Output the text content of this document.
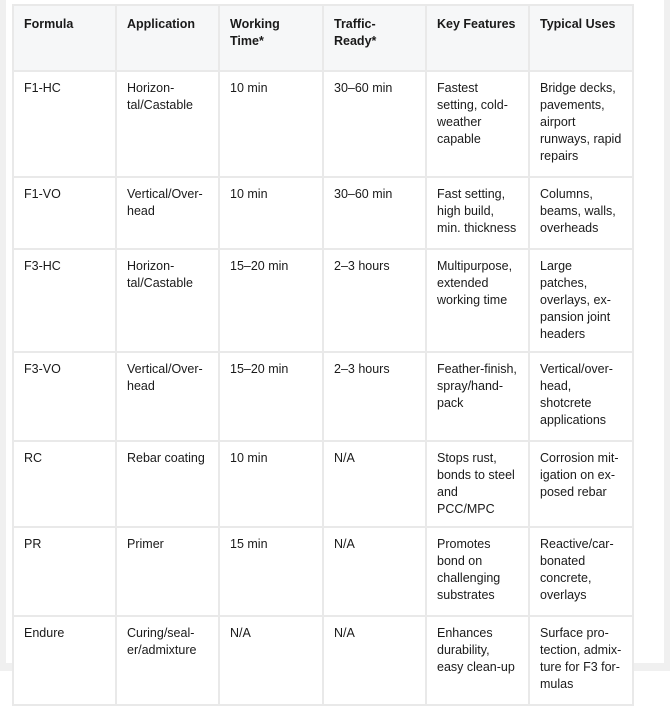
Formula	Application	Working Time*	Traffic-Ready*	Key Features	Typical Uses
F1-HC	Horizon-tal/Castable	10 min	30–60 min	Fastest setting, cold-weather capable	Bridge decks, pavements, airport runways, rapid repairs
F1-VO	Vertical/Over-head	10 min	30–60 min	Fast setting, high build, min. thickness	Columns, beams, walls, overheads
F3-HC	Horizon-tal/Castable	15–20 min	2–3 hours	Multipurpose, extended working time	Large patches, overlays, ex-pansion joint headers
F3-VO	Vertical/Over-head	15–20 min	2–3 hours	Feather-finish, spray/hand-pack	Vertical/over-head, shotcrete applications
RC	Rebar coating	10 min	N/A	Stops rust, bonds to steel and PCC/MPC	Corrosion mit-igation on ex-posed rebar
PR	Primer	15 min	N/A	Promotes bond on challenging substrates	Reactive/car-bonated concrete, overlays
Endure	Curing/seal-er/admixture	N/A	N/A	Enhances durability, easy clean-up	Surface pro-tection, admix-ture for F3 for-mulas
